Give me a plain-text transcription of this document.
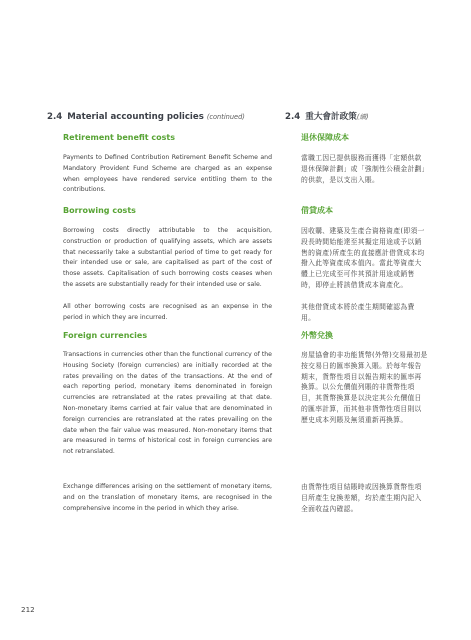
2.4 Material accounting policies (continued)

Retirement benefit costs

Payments to Defined Contribution Retirement Benefit Scheme and Mandatory Provident Fund Scheme are charged as an expense when employees have rendered service entitling them to the contributions.

Borrowing costs

Borrowing costs directly attributable to the acquisition, construction or production of qualifying assets, which are assets that necessarily take a substantial period of time to get ready for their intended use or sale, are capitalised as part of the cost of those assets. Capitalisation of such borrowing costs ceases when the assets are substantially ready for their intended use or sale.

All other borrowing costs are recognised as an expense in the period in which they are incurred.

Foreign currencies

Transactions in currencies other than the functional currency of the Housing Society (foreign currencies) are initially recorded at the rates prevailing on the dates of the transactions. At the end of each reporting period, monetary items denominated in foreign currencies are retranslated at the rates prevailing at that date. Non-monetary items carried at fair value that are denominated in foreign currencies are retranslated at the rates prevailing on the date when the fair value was measured. Non-monetary items that are measured in terms of historical cost in foreign currencies are not retranslated.

Exchange differences arising on the settlement of monetary items, and on the translation of monetary items, are recognised in the comprehensive income in the period in which they arise.

2.4 重大會計政策(續)

退休保障成本

當職工因已提供服務而獲得「定額供款退休保障計劃」或「強制性公積金計劃」的供款，是以支出入賬。

借貸成本

因收購、建築及生產合資格資產(即須一段長時間始能達至其擬定用途或予以銷售的資產)所產生的直接應計借貸成本均撥入此等資產成本值內。當此等資產大體上已完成至可作其預計用途或銷售時，即停止將該借貸成本資產化。

其他借貸成本將於產生期間確認為費用。

外幣兌換

房屋協會的非功能貨幣(外幣)交易最初是按交易日的匯率換算入賬。於每年報告期末，貨幣性項目以報告期末的匯率再換算。以公允價值列賬的非貨幣性項目，其貨幣換算是以決定其公允價值日的匯率計算，而其他非貨幣性項目則以歷史成本列賬及無須重新再換算。

由貨幣性項目結賬時或因換算貨幣性項目所產生兌換差額，均於產生期內記入全面收益內確認。

212
